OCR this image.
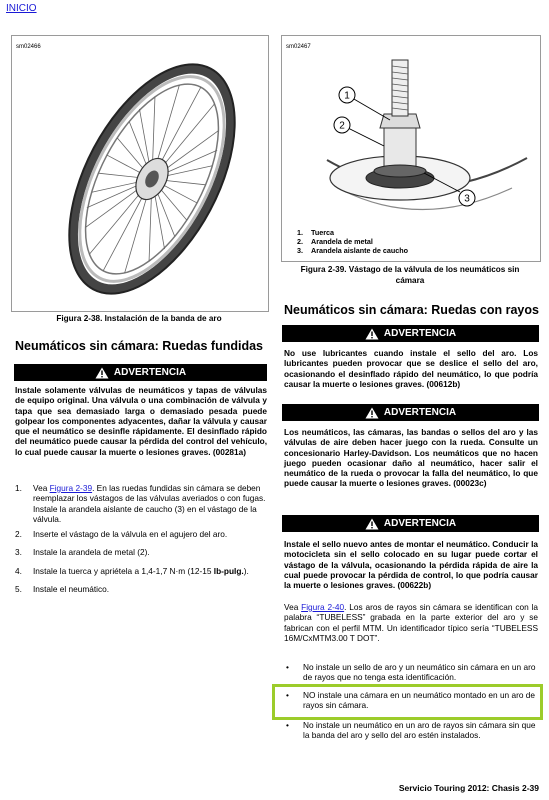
INICIO
sm02466
Figura 2-38. Instalación de la banda de aro
sm02467
1
2
3
1. Tuerca
2. Arandela de metal
3. Arandela aislante de caucho
Figura 2-39. Vástago de la válvula de los neumáticos sin
cámara
Neumáticos sin cámara: Ruedas fundidas
ADVERTENCIA
Instale solamente válvulas de neumáticos y tapas de válvulas de equipo original. Una válvula o una combinación de válvula y tapa que sea demasiado larga o demasiado pesada puede golpear los componentes adyacentes, dañar la válvula y causar que el neumático se desinfle rápidamente. El desinflado rápido del neumático puede causar la pérdida del control del vehículo, lo cual puede causar la muerte o lesiones graves. (00281a)
1.	Vea Figura 2-39. En las ruedas fundidas sin cámara se deben reemplazar los vástagos de las válvulas averiados o con fugas. Instale la arandela aislante de caucho (3) en el vástago de la válvula.
2.	Inserte el vástago de la válvula en el agujero del aro.
3.	Instale la arandela de metal (2).
4.	Instale la tuerca y apriétela a 1,4-1,7 N·m (12-15 lb-pulg.).
5.	Instale el neumático.
Neumáticos sin cámara: Ruedas con rayos
ADVERTENCIA
No use lubricantes cuando instale el sello del aro. Los lubricantes pueden provocar que se deslice el sello del aro, ocasionando el desinflado rápido del neumático, lo que podría causar la muerte o lesiones graves. (00612b)
ADVERTENCIA
Los neumáticos, las cámaras, las bandas o sellos del aro y las válvulas de aire deben hacer juego con la rueda. Consulte un concesionario Harley-Davidson. Los neumáticos que no hacen juego pueden ocasionar daño al neumático, hacer salir el neumático de la rueda o provocar la falla del neumático, lo que puede causar la muerte o lesiones graves. (00023c)
ADVERTENCIA
Instale el sello nuevo antes de montar el neumático. Conducir la motocicleta sin el sello colocado en su lugar puede cortar el vástago de la válvula, ocasionando la pérdida rápida de aire la cual puede provocar la pérdida de control, lo que podría causar la muerte o lesiones graves. (00622b)
Vea Figura 2-40. Los aros de rayos sin cámara se identifican con la palabra “TUBELESS” grabada en la parte exterior del aro y se fabrican con el perfil MTM. Un identificador típico sería “TUBELESS 16M/CxMTM3.00 T DOT”.
•	No instale un sello de aro y un neumático sin cámara en un aro de rayos que no tenga esta identificación.
•	NO instale una cámara en un neumático montado en un aro de rayos sin cámara.
•	No instale un neumático en un aro de rayos sin cámara sin que la banda del aro y sello del aro estén instalados.
Servicio Touring 2012: Chasis 2-39
